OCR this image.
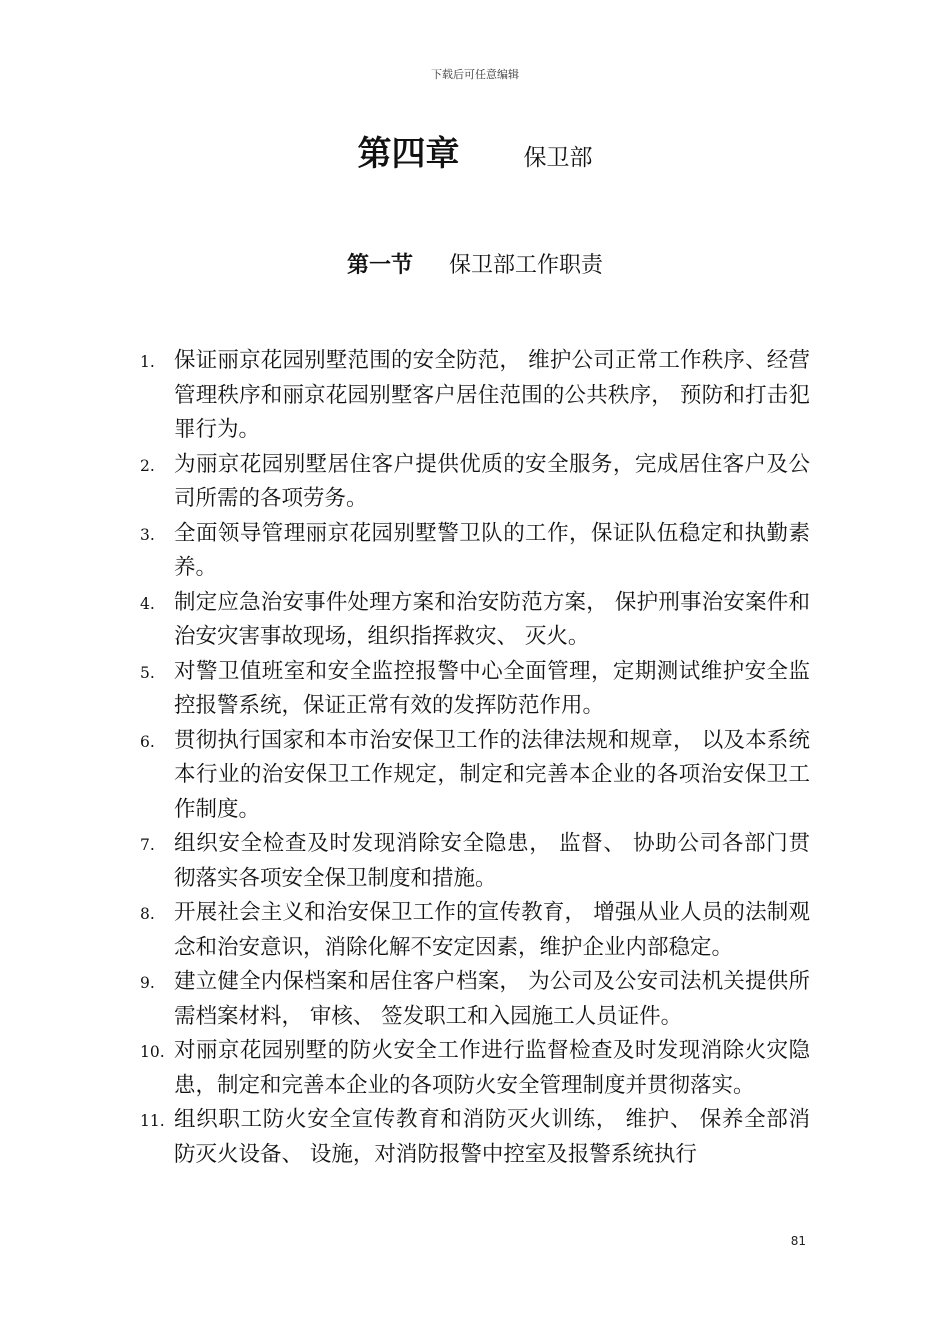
下载后可任意编辑
第四章	保卫部
第一节 保卫部工作职责
1. 保证丽京花园别墅范围的安全防范， 维护公司正常工作秩序、经营管理秩序和丽京花园别墅客户居住范围的公共秩序， 预防和打击犯罪行为。
2. 为丽京花园别墅居住客户提供优质的安全服务，完成居住客户及公司所需的各项劳务。
3. 全面领导管理丽京花园别墅警卫队的工作，保证队伍稳定和执勤素养。
4. 制定应急治安事件处理方案和治安防范方案， 保护刑事治安案件和治安灾害事故现场，组织指挥救灾、 灭火。
5. 对警卫值班室和安全监控报警中心全面管理，定期测试维护安全监控报警系统，保证正常有效的发挥防范作用。
6. 贯彻执行国家和本市治安保卫工作的法律法规和规章， 以及本系统本行业的治安保卫工作规定，制定和完善本企业的各项治安保卫工作制度。
7. 组织安全检查及时发现消除安全隐患， 监督、 协助公司各部门贯彻落实各项安全保卫制度和措施。
8. 开展社会主义和治安保卫工作的宣传教育， 增强从业人员的法制观念和治安意识，消除化解不安定因素，维护企业内部稳定。
9. 建立健全内保档案和居住客户档案， 为公司及公安司法机关提供所需档案材料， 审核、 签发职工和入园施工人员证件。
10. 对丽京花园别墅的防火安全工作进行监督检查及时发现消除火灾隐患，制定和完善本企业的各项防火安全管理制度并贯彻落实。
11. 组织职工防火安全宣传教育和消防灭火训练， 维护、 保养全部消防灭火设备、 设施，对消防报警中控室及报警系统执行
81
